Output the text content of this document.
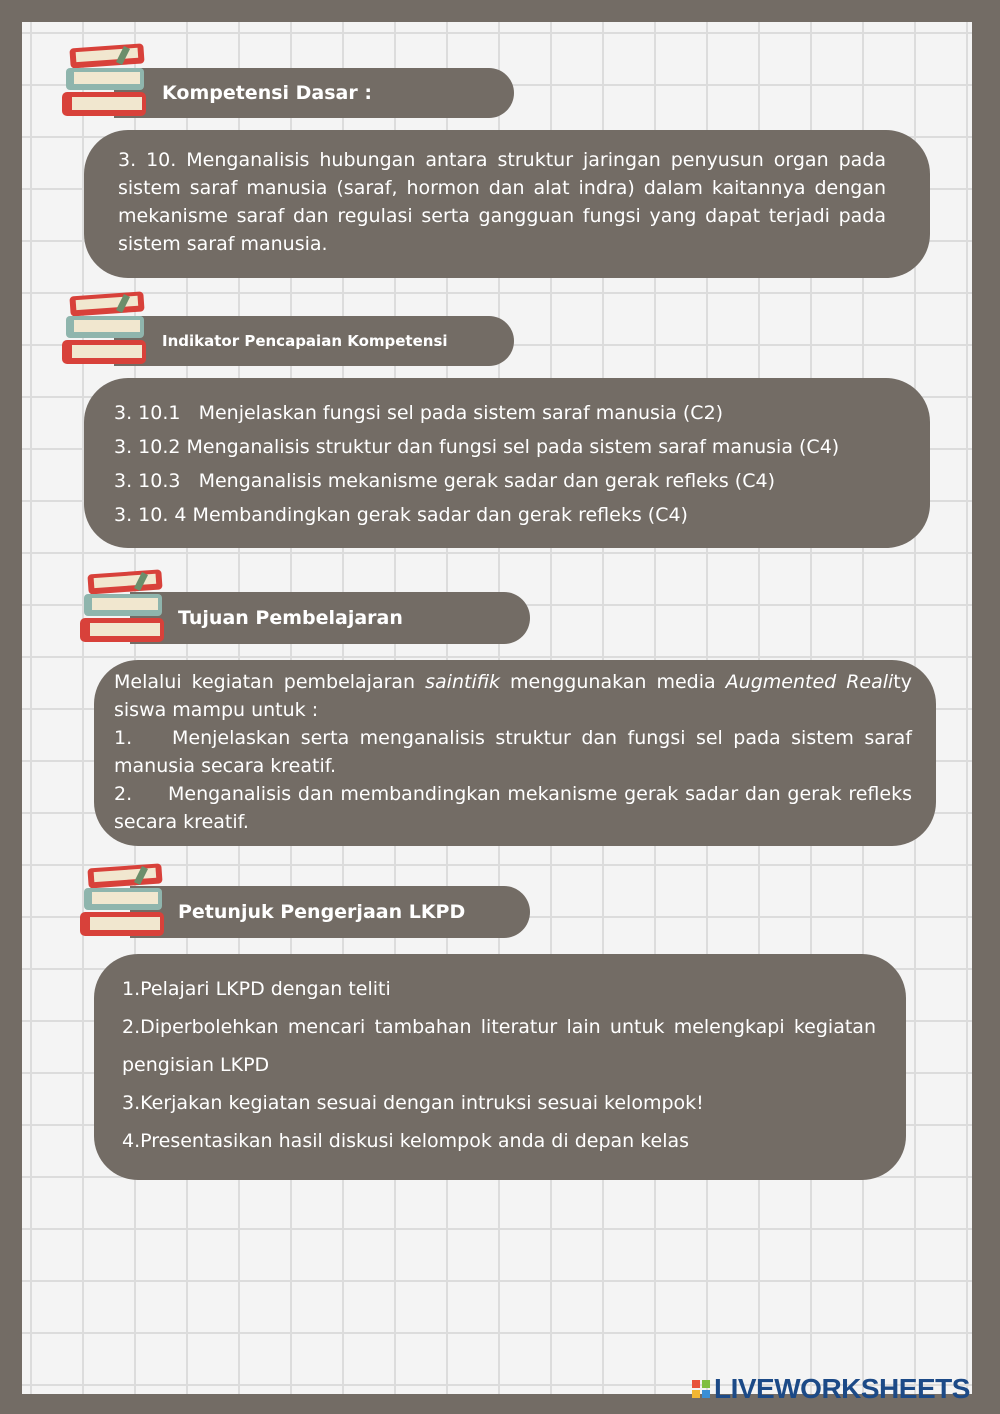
Kompetensi Dasar :

3. 10. Menganalisis hubungan antara struktur jaringan penyusun organ pada sistem saraf manusia (saraf, hormon dan alat indra) dalam kaitannya dengan mekanisme saraf dan regulasi serta gangguan fungsi yang dapat terjadi pada sistem saraf manusia.

Indikator Pencapaian Kompetensi

3. 10.1   Menjelaskan fungsi sel pada sistem saraf manusia (C2)

3. 10.2 Menganalisis struktur dan fungsi sel pada sistem saraf manusia (C4)

3. 10.3   Menganalisis mekanisme gerak sadar dan gerak refleks (C4)

3. 10. 4 Membandingkan gerak sadar dan gerak refleks (C4)

Tujuan Pembelajaran

Melalui kegiatan pembelajaran saintifik menggunakan media Augmented Reality siswa mampu untuk :

1. Menjelaskan serta menganalisis struktur dan fungsi sel pada sistem saraf manusia secara kreatif.

2. Menganalisis dan membandingkan mekanisme gerak sadar dan gerak refleks secara kreatif.

Petunjuk Pengerjaan LKPD

1.Pelajari LKPD dengan teliti

2.Diperbolehkan mencari tambahan literatur lain untuk melengkapi kegiatan pengisian LKPD

3.Kerjakan kegiatan sesuai dengan intruksi sesuai kelompok!

4.Presentasikan hasil diskusi kelompok anda di depan kelas

LIVEWORKSHEETS
